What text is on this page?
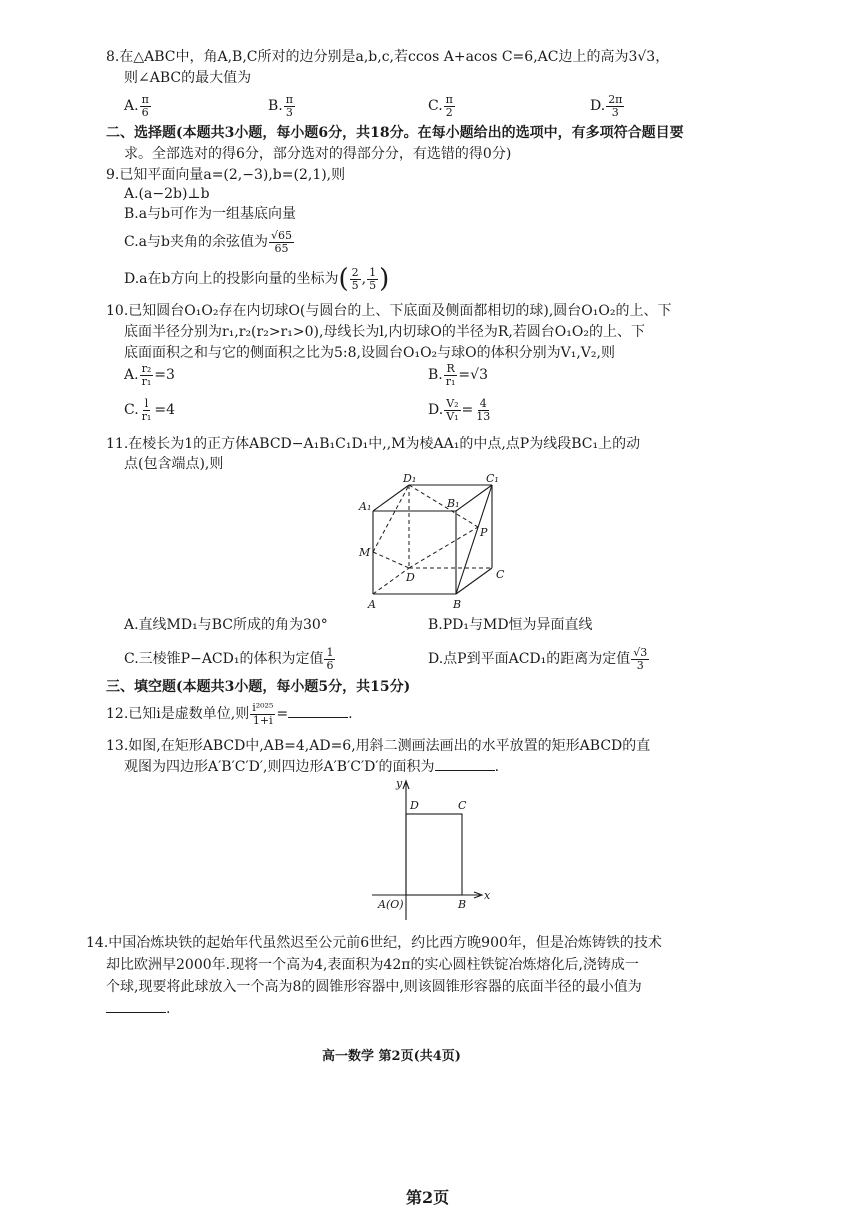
8.在△ABC中，角A,B,C所对的边分别是a,b,c,若ccos A+acos C=6,AC边上的高为3√3，
则∠ABC的最大值为
A. $\frac{\pi}{6}$	B. $\frac{\pi}{3}$	C. $\frac{\pi}{2}$	D. $\frac{2\pi}{3}$
二、选择题(本题共3小题，每小题6分，共18分。在每小题给出的选项中，有多项符合题目要
求。全部选对的得6分，部分选对的得部分分，有选错的得0分)
9.已知平面向量a=(2,−3),b=(2,1),则
A.(a−2b)⊥b
B.a与b可作为一组基底向量
C.a与b夹角的余弦值为 $\frac{√65}{65}$
D.a在b方向上的投影向量的坐标为( $\frac{2}{5}$ , $\frac{1}{5}$ )
10.已知圆台O₁O₂存在内切球O(与圆台的上、下底面及侧面都相切的球),圆台O₁O₂的上、下
底面半径分别为r₁,r₂(r₂>r₁>0),母线长为l,内切球O的半径为R,若圆台O₁O₂的上、下
底面面积之和与它的侧面积之比为5:8,设圆台O₁O₂与球O的体积分别为V₁,V₂,则
A. $\frac{\text{r₂}}{\text{r₁}} =3$	B. $\frac{R}{\text{r₁}} =√3$
C. $\frac{l}{\text{r₁}} =4$	D. $\frac{\text{V₂}}{\text{V₁}} = \frac{4}{13}$
11.在棱长为1的正方体ABCD−A₁B₁C₁D₁中,,M为棱AA₁的中点,点P为线段BC₁上的动
点(包含端点),则
A₁
D₁
B₁
C₁
M
P
D	C
A	B
A.直线MD₁与BC所成的角为30°	B.PD₁与MD恒为异面直线
C.三棱锥P−ACD₁的体积为定值 $\frac{1}{6}$	D.点P到平面ACD₁的距离为定值 $\frac{√3}{3}$
三、填空题(本题共3小题，每小题5分，共15分)
12.已知i是虚数单位,则 $\frac{\text{i²⁰²⁵}}{1+i}$ =	.
13.如图,在矩形ABCD中,AB=4,AD=6,用斜二测画法画出的水平放置的矩形ABCD的直
观图为四边形A′B′C′D′,则四边形A′B′C′D′的面积为	.
y
x
D	C
A(O)	B
14.中国冶炼块铁的起始年代虽然迟至公元前6世纪，约比西方晚900年，但是冶炼铸铁的技术
却比欧洲早2000年.现将一个高为4,表面积为42π的实心圆柱铁锭冶炼熔化后,浇铸成一
个球,现要将此球放入一个高为8的圆锥形容器中,则该圆锥形容器的底面半径的最小值为
.
高一数学 第2页(共4页)
第2页
